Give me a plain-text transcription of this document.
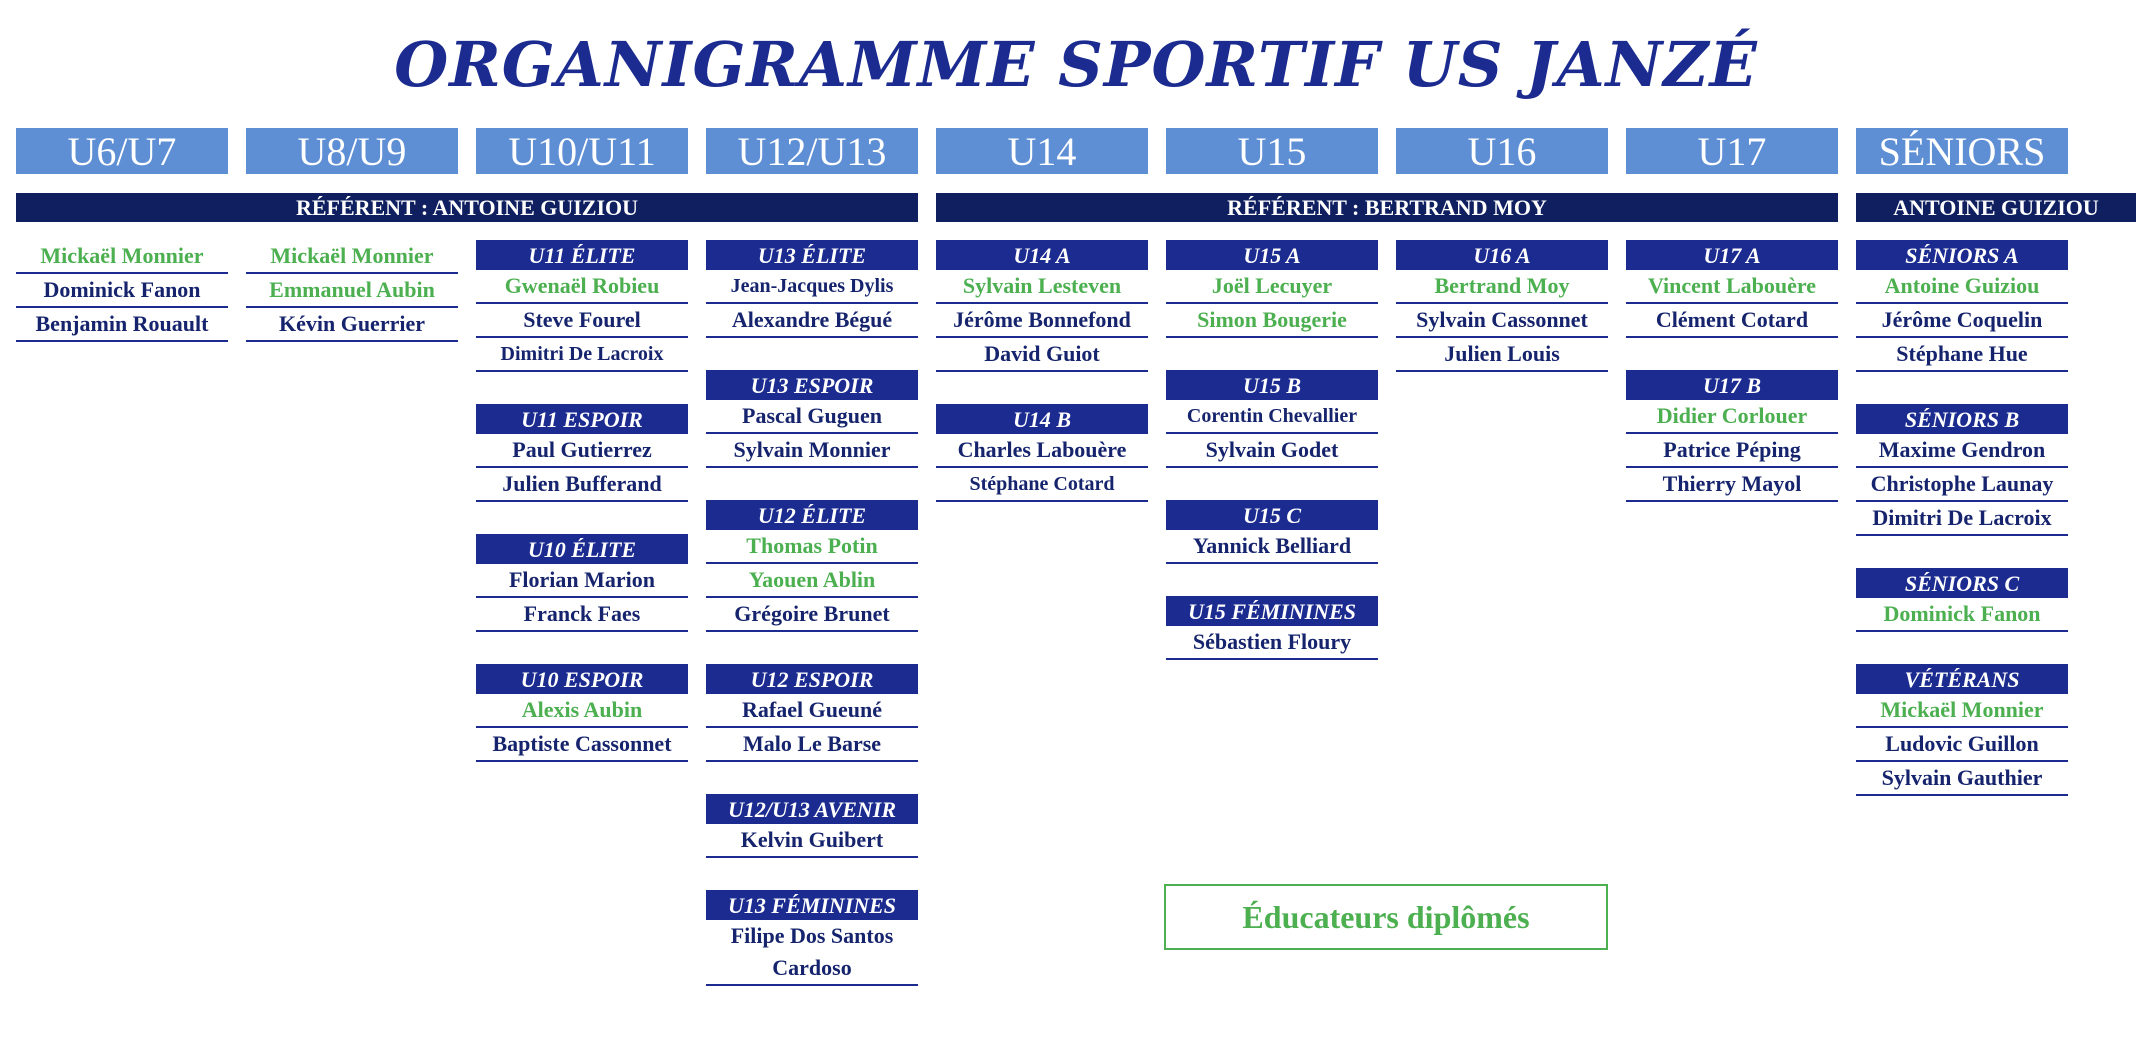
ORGANIGRAMME SPORTIF US JANZÉ
U6/U7	U8/U9	U10/U11	U12/U13	U14	U15	U16	U17	SÉNIORS
RÉFÉRENT : ANTOINE GUIZIOU	RÉFÉRENT : BERTRAND MOY	ANTOINE GUIZIOU
Mickaël Monnier
Dominick Fanon
Benjamin Rouault
Mickaël Monnier
Emmanuel Aubin
Kévin Guerrier
U11 ÉLITE
Gwenaël Robieu
Steve Fourel
Dimitri De Lacroix
U11 ESPOIR
Paul Gutierrez
Julien Bufferand
U10 ÉLITE
Florian Marion
Franck Faes
U10 ESPOIR
Alexis Aubin
Baptiste Cassonnet
U13 ÉLITE
Jean-Jacques Dylis
Alexandre Bégué
U13 ESPOIR
Pascal Guguen
Sylvain Monnier
U12 ÉLITE
Thomas Potin
Yaouen Ablin
Grégoire Brunet
U12 ESPOIR
Rafael Gueuné
Malo Le Barse
U12/U13 AVENIR
Kelvin Guibert
U13 FÉMININES
Filipe Dos Santos
Cardoso
U14 A
Sylvain Lesteven
Jérôme Bonnefond
David Guiot
U14 B
Charles Labouère
Stéphane Cotard
U15 A
Joël Lecuyer
Simon Bougerie
U15 B
Corentin Chevallier
Sylvain Godet
U15 C
Yannick Belliard
U15 FÉMININES
Sébastien Floury
U16 A
Bertrand Moy
Sylvain Cassonnet
Julien Louis
U17 A
Vincent Labouère
Clément Cotard
U17 B
Didier Corlouer
Patrice Péping
Thierry Mayol
SÉNIORS A
Antoine Guiziou
Jérôme Coquelin
Stéphane Hue
SÉNIORS B
Maxime Gendron
Christophe Launay
Dimitri De Lacroix
SÉNIORS C
Dominick Fanon
VÉTÉRANS
Mickaël Monnier
Ludovic Guillon
Sylvain Gauthier
Éducateurs diplômés
